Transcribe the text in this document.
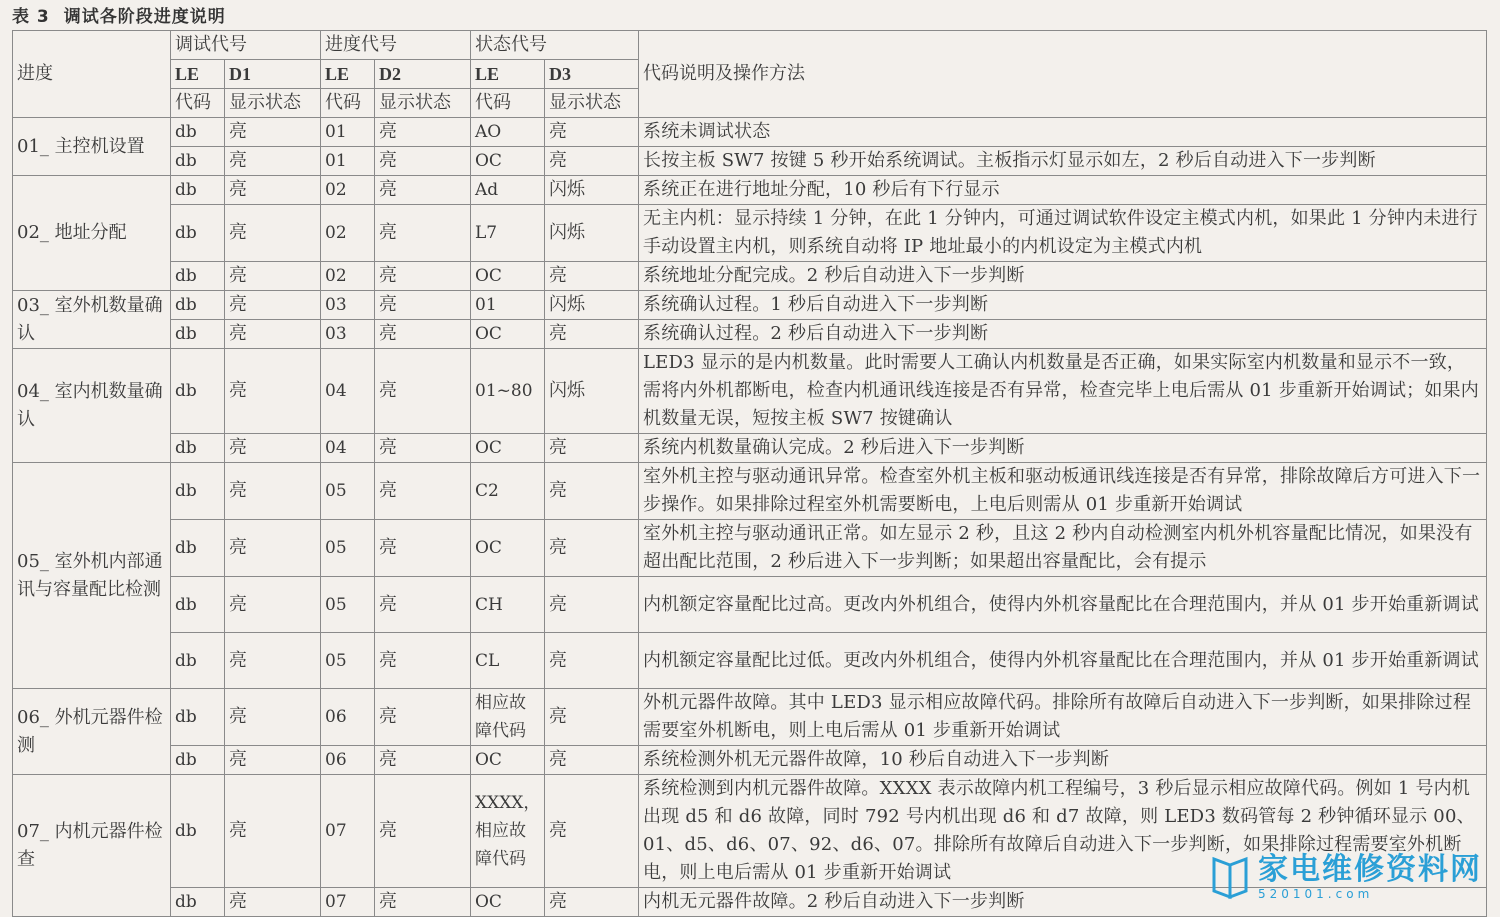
表 3 调试各阶段进度说明
进度	调试代号		进度代号		状态代号		代码说明及操作方法
	LE	D1	LE	D2	LE	D3	
	代码	显示状态	代码	显示状态	代码	显示状态	
01_ 主控机设置	db	亮	01	亮	AO	亮	系统未调试状态
	db	亮	01	亮	OC	亮	长按主板 SW7 按键 5 秒开始系统调试。主板指示灯显示如左，2 秒后自动进入下一步判断
02_ 地址分配	db	亮	02	亮	Ad	闪烁	系统正在进行地址分配，10 秒后有下行显示
	db	亮	02	亮	L7	闪烁	无主内机：显示持续 1 分钟，在此 1 分钟内，可通过调试软件设定主模式内机，如果此 1 分钟内未进行手动设置主内机，则系统自动将 IP 地址最小的内机设定为主模式内机
	db	亮	02	亮	OC	亮	系统地址分配完成。2 秒后自动进入下一步判断
03_ 室外机数量确认	db	亮	03	亮	01	闪烁	系统确认过程。1 秒后自动进入下一步判断
	db	亮	03	亮	OC	亮	系统确认过程。2 秒后自动进入下一步判断
04_ 室内机数量确认	db	亮	04	亮	01~80	闪烁	LED3 显示的是内机数量。此时需要人工确认内机数量是否正确，如果实际室内机数量和显示不一致，需将内外机都断电，检查内机通讯线连接是否有异常，检查完毕上电后需从 01 步重新开始调试；如果内机数量无误，短按主板 SW7 按键确认
	db	亮	04	亮	OC	亮	系统内机数量确认完成。2 秒后进入下一步判断
05_ 室外机内部通讯与容量配比检测	db	亮	05	亮	C2	亮	室外机主控与驱动通讯异常。检查室外机主板和驱动板通讯线连接是否有异常，排除故障后方可进入下一步操作。如果排除过程室外机需要断电，上电后则需从 01 步重新开始调试
	db	亮	05	亮	OC	亮	室外机主控与驱动通讯正常。如左显示 2 秒，且这 2 秒内自动检测室内机外机容量配比情况，如果没有超出配比范围，2 秒后进入下一步判断；如果超出容量配比，会有提示
	db	亮	05	亮	CH	亮	内机额定容量配比过高。更改内外机组合，使得内外机容量配比在合理范围内，并从 01 步开始重新调试
	db	亮	05	亮	CL	亮	内机额定容量配比过低。更改内外机组合，使得内外机容量配比在合理范围内，并从 01 步开始重新调试
06_ 外机元器件检测	db	亮	06	亮	相应故障代码	亮	外机元器件故障。其中 LED3 显示相应故障代码。排除所有故障后自动进入下一步判断，如果排除过程需要室外机断电，则上电后需从 01 步重新开始调试
	db	亮	06	亮	OC	亮	系统检测外机无元器件故障，10 秒后自动进入下一步判断
07_ 内机元器件检查	db	亮	07	亮	XXXX，相应故障代码	亮	系统检测到内机元器件故障。XXXX 表示故障内机工程编号，3 秒后显示相应故障代码。例如 1 号内机出现 d5 和 d6 故障，同时 792 号内机出现 d6 和 d7 故障，则 LED3 数码管每 2 秒钟循环显示 00、01、d5、d6、07、92、d6、07。排除所有故障后自动进入下一步判断，如果排除过程需要室外机断电，则上电后需从 01 步重新开始调试
	db	亮	07	亮	OC	亮	内机无元器件故障。2 秒后自动进入下一步判断
家电维修资料网
520101.com
